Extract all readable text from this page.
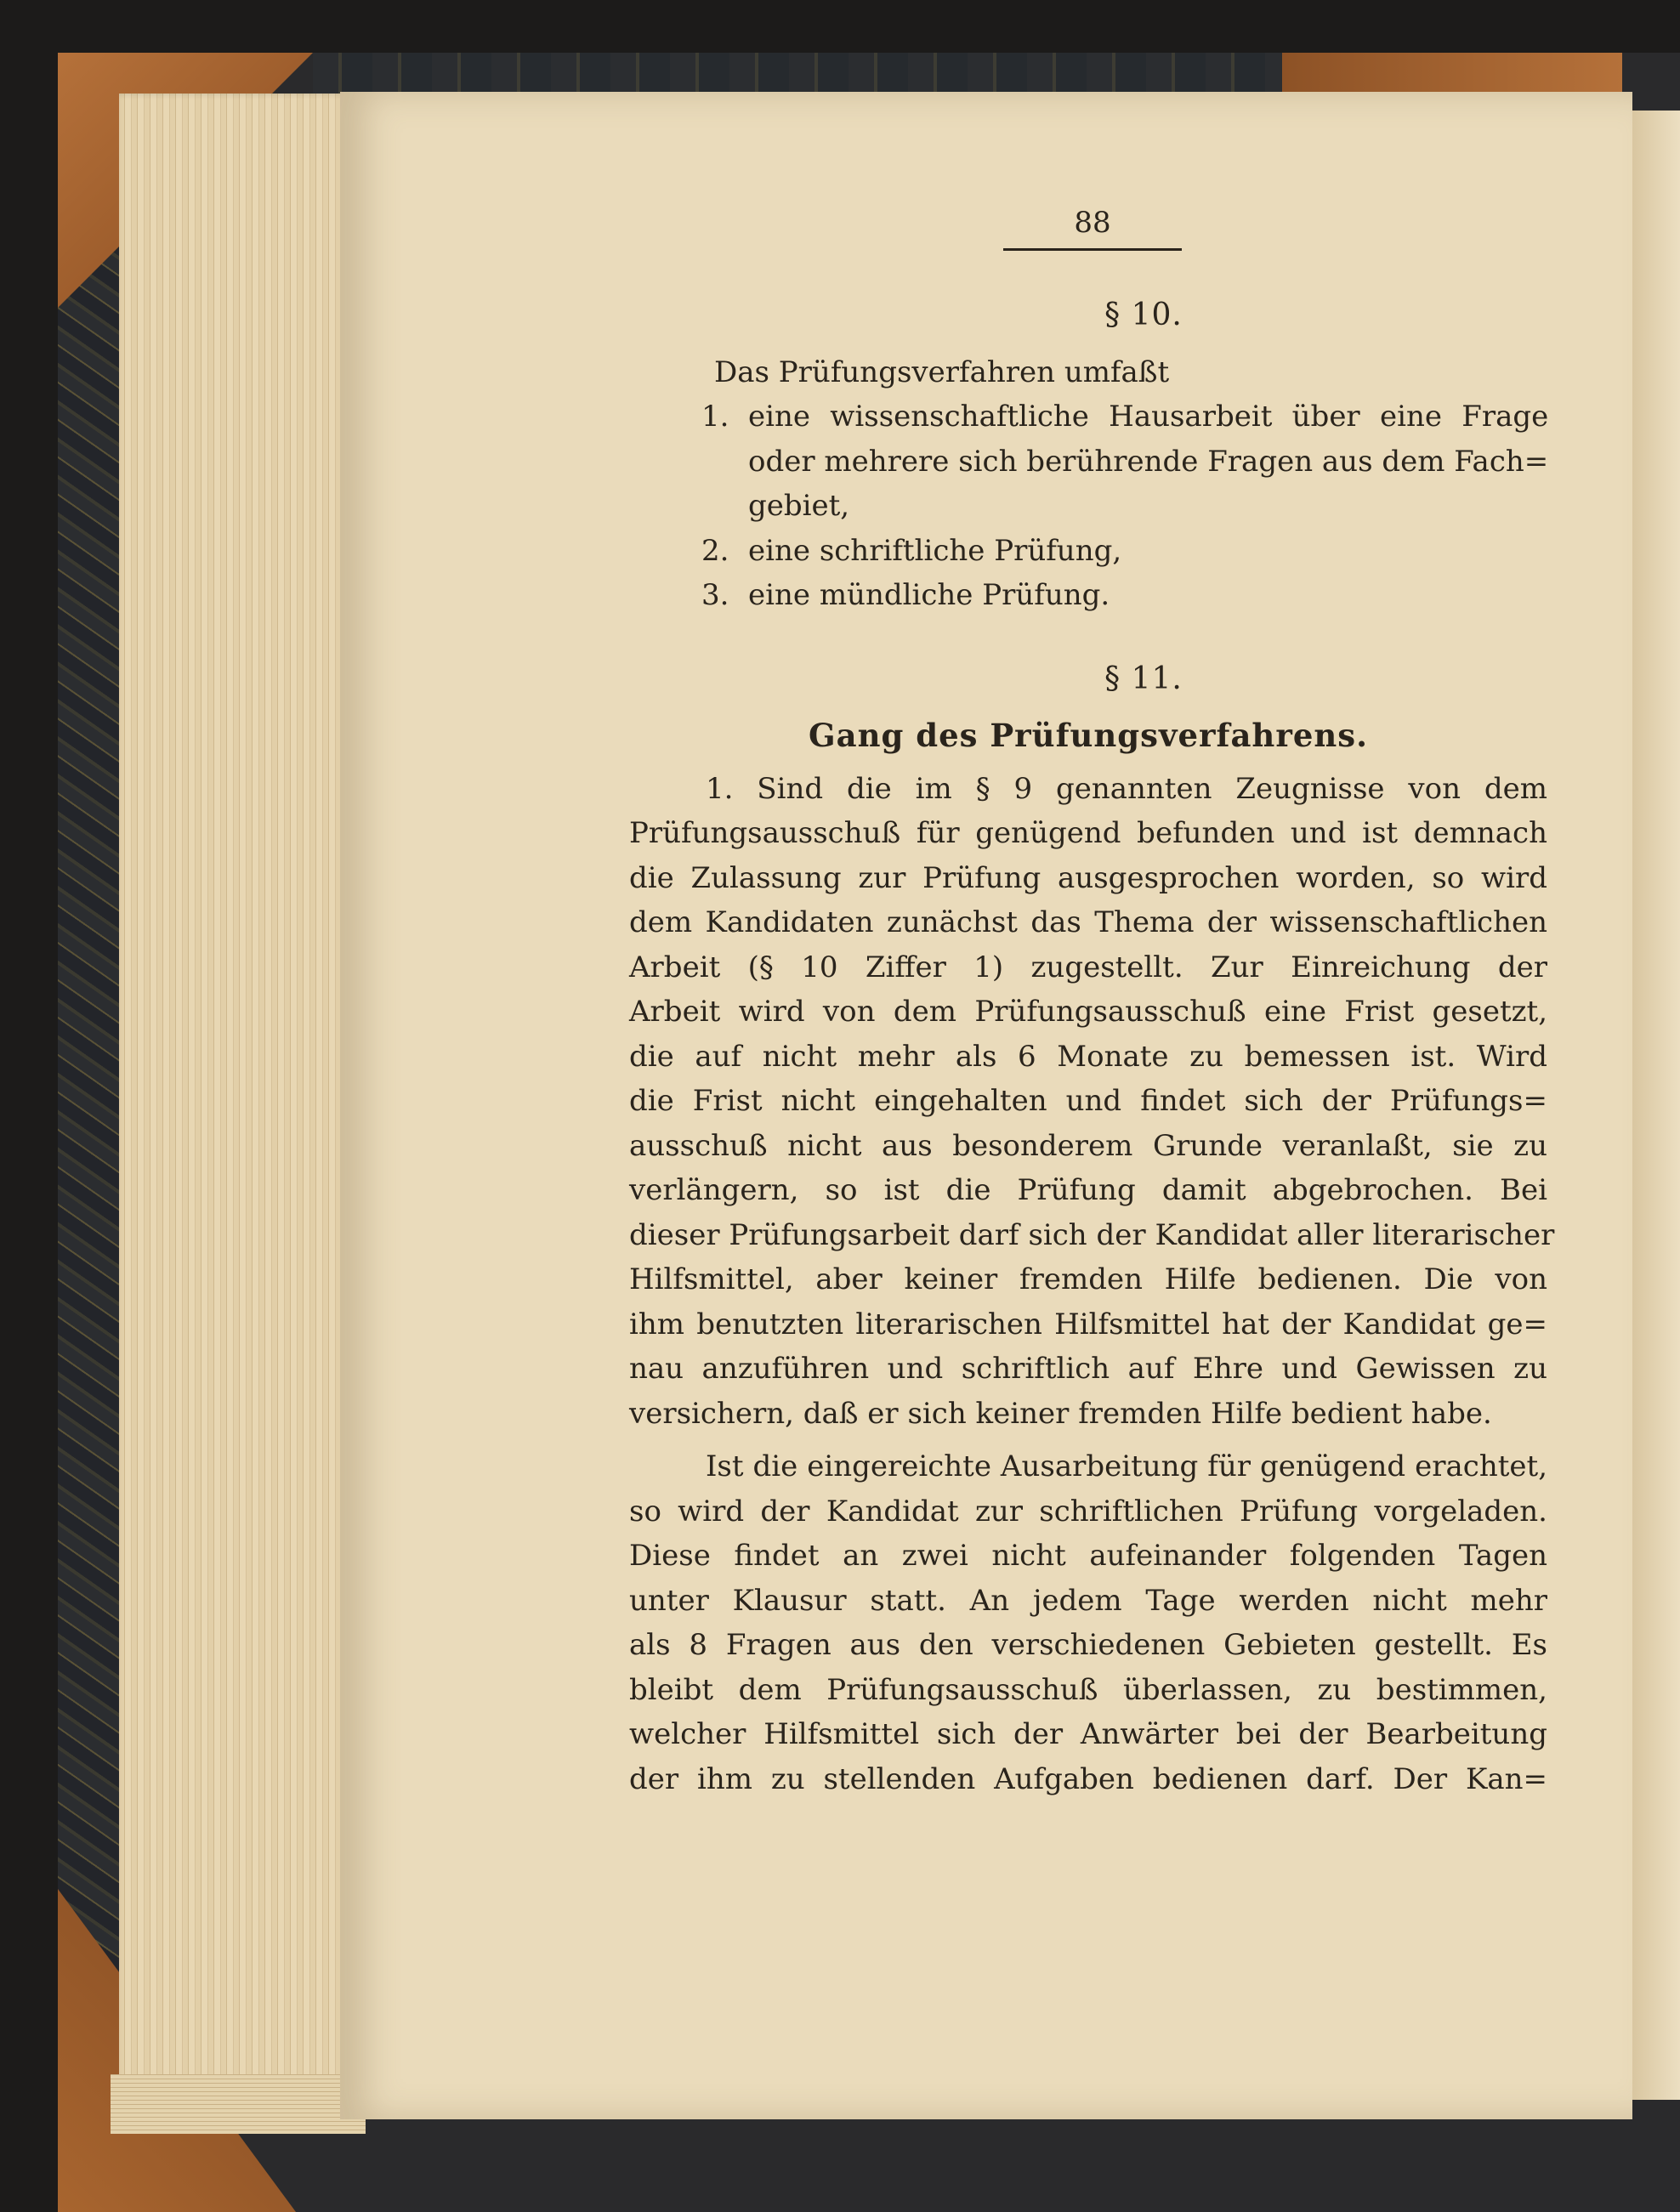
88
§ 10.
Das Prüfungsverfahren umfaßt
1. eine wissenschaftliche Hausarbeit über eine Frage
oder mehrere sich berührende Fragen aus dem Fach=
gebiet,
2. eine schriftliche Prüfung,
3. eine mündliche Prüfung.
§ 11.
Gang des Prüfungsverfahrens.
1. Sind die im § 9 genannten Zeugnisse von dem
Prüfungsausschuß für genügend befunden und ist demnach
die Zulassung zur Prüfung ausgesprochen worden, so wird
dem Kandidaten zunächst das Thema der wissenschaftlichen
Arbeit (§ 10 Ziffer 1) zugestellt. Zur Einreichung der
Arbeit wird von dem Prüfungsausschuß eine Frist gesetzt,
die auf nicht mehr als 6 Monate zu bemessen ist. Wird
die Frist nicht eingehalten und findet sich der Prüfungs=
ausschuß nicht aus besonderem Grunde veranlaßt, sie zu
verlängern, so ist die Prüfung damit abgebrochen. Bei
dieser Prüfungsarbeit darf sich der Kandidat aller literarischer
Hilfsmittel, aber keiner fremden Hilfe bedienen. Die von
ihm benutzten literarischen Hilfsmittel hat der Kandidat ge=
nau anzuführen und schriftlich auf Ehre und Gewissen zu
versichern, daß er sich keiner fremden Hilfe bedient habe.
Ist die eingereichte Ausarbeitung für genügend erachtet,
so wird der Kandidat zur schriftlichen Prüfung vorgeladen.
Diese findet an zwei nicht aufeinander folgenden Tagen
unter Klausur statt. An jedem Tage werden nicht mehr
als 8 Fragen aus den verschiedenen Gebieten gestellt. Es
bleibt dem Prüfungsausschuß überlassen, zu bestimmen,
welcher Hilfsmittel sich der Anwärter bei der Bearbeitung
der ihm zu stellenden Aufgaben bedienen darf. Der Kan=
